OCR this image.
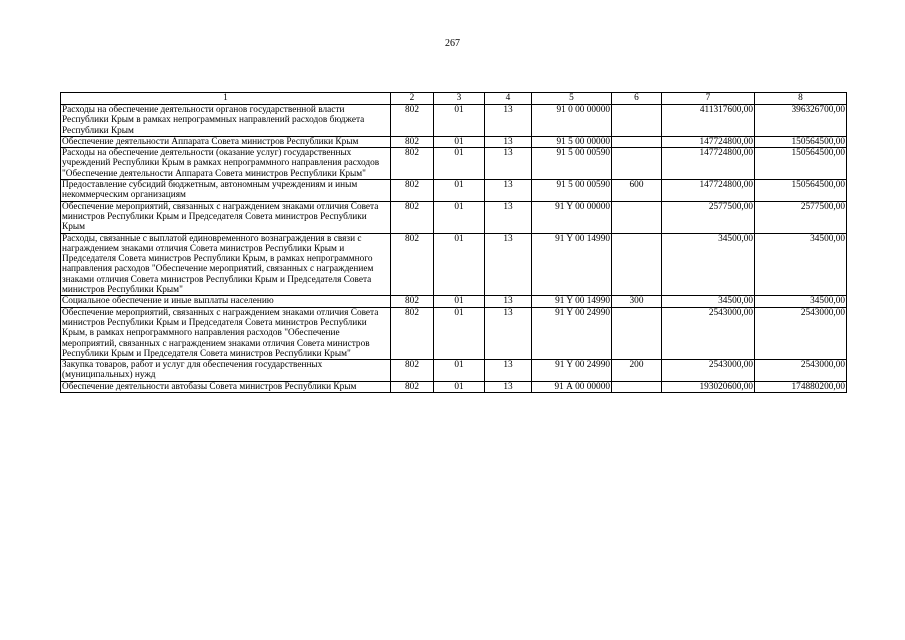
267
1	2	3	4	5	6	7	8
Расходы на обеспечение деятельности органов государственной власти Республики Крым в рамках непрограммных направлений расходов бюджета Республики Крым	802	01	13	91 0 00 00000		411317600,00	396326700,00
Обеспечение деятельности Аппарата Совета министров Республики Крым	802	01	13	91 5 00 00000		147724800,00	150564500,00
Расходы на обеспечение деятельности (оказание услуг) государственных учреждений Республики Крым в рамках непрограммного направления расходов "Обеспечение деятельности Аппарата Совета министров Республики Крым"	802	01	13	91 5 00 00590		147724800,00	150564500,00
Предоставление субсидий бюджетным, автономным учреждениям и иным некоммерческим организациям	802	01	13	91 5 00 00590	600	147724800,00	150564500,00
Обеспечение мероприятий, связанных с награждением знаками отличия Совета министров Республики Крым и Председателя Совета министров Республики Крым	802	01	13	91 Y 00 00000		2577500,00	2577500,00
Расходы, связанные с выплатой единовременного вознаграждения в связи с награждением знаками отличия Совета министров Республики Крым и Председателя Совета министров Республики Крым, в рамках непрограммного направления расходов "Обеспечение мероприятий, связанных с награждением знаками отличия Совета министров Республики Крым и Председателя Совета министров Республики Крым"	802	01	13	91 Y 00 14990		34500,00	34500,00
Социальное обеспечение и иные выплаты населению	802	01	13	91 Y 00 14990	300	34500,00	34500,00
Обеспечение мероприятий, связанных с награждением знаками отличия Совета министров Республики Крым и Председателя Совета министров Республики Крым, в рамках непрограммного направления расходов "Обеспечение мероприятий, связанных с награждением знаками отличия Совета министров Республики Крым и Председателя Совета министров Республики Крым"	802	01	13	91 Y 00 24990		2543000,00	2543000,00
Закупка товаров, работ и услуг для обеспечения государственных (муниципальных) нужд	802	01	13	91 Y 00 24990	200	2543000,00	2543000,00
Обеспечение деятельности автобазы Совета министров Республики Крым	802	01	13	91 А 00 00000		193020600,00	174880200,00
